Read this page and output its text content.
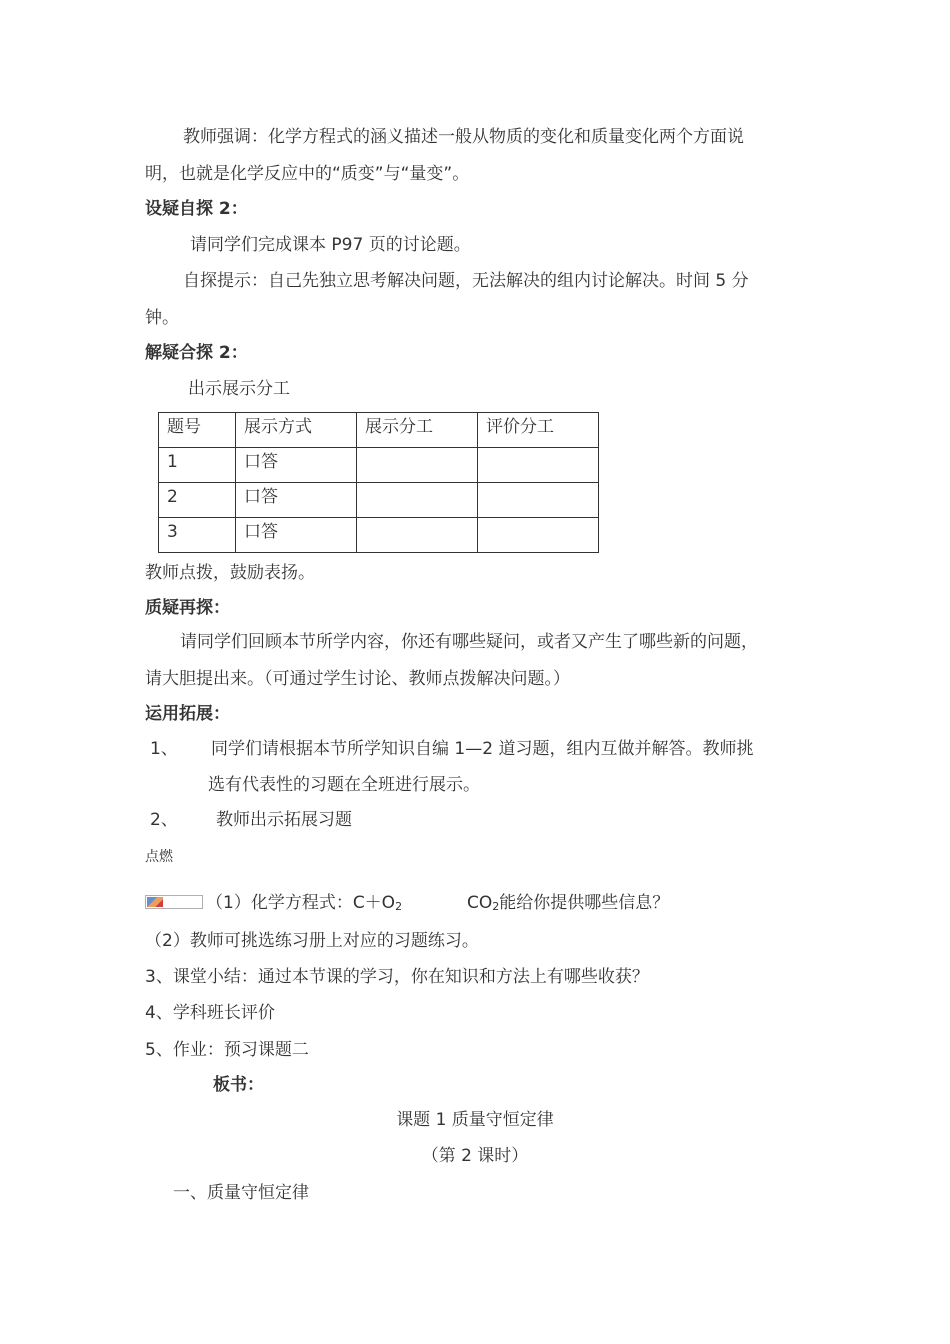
教师强调：化学方程式的涵义描述一般从物质的变化和质量变化两个方面说
明，也就是化学反应中的“质变”与“量变”。
设疑自探 2：
请同学们完成课本 P97 页的讨论题。
自探提示：自己先独立思考解决问题，无法解决的组内讨论解决。时间 5 分
钟。
解疑合探 2：
出示展示分工
题号	展示方式	展示分工	评价分工
1	口答		
2	口答		
3	口答		
教师点拨，鼓励表扬。
质疑再探：
请同学们回顾本节所学内容，你还有哪些疑问，或者又产生了哪些新的问题，
请大胆提出来。（可通过学生讨论、教师点拨解决问题。）
运用拓展：
1、 同学们请根据本节所学知识自编 1—2 道习题，组内互做并解答。教师挑
选有代表性的习题在全班进行展示。
2、 教师出示拓展习题
点燃
（1）化学方程式：$C+O_2$	$CO_2$能给你提供哪些信息？
（2）教师可挑选练习册上对应的习题练习。
3、课堂小结：通过本节课的学习，你在知识和方法上有哪些收获？
4、学科班长评价
5、作业：预习课题二
板书：
课题 1 质量守恒定律
（第 2 课时）
一、质量守恒定律
